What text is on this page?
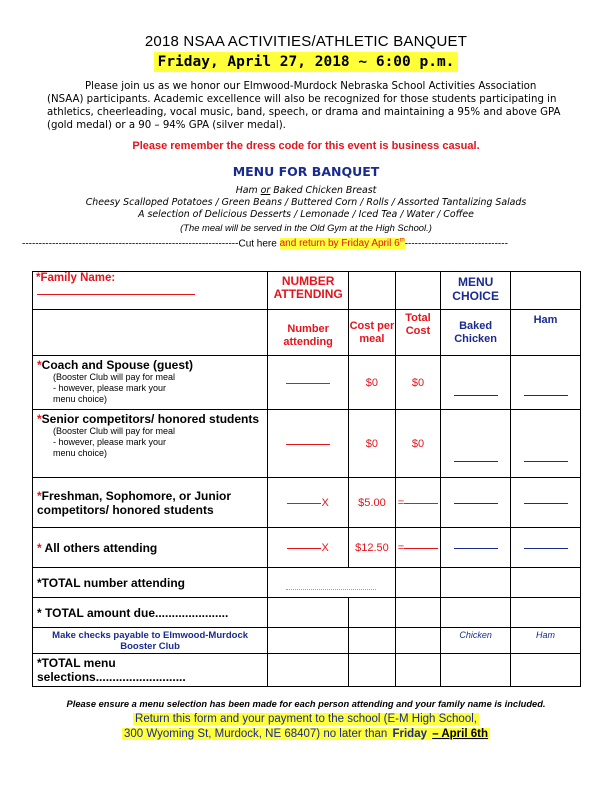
2018 NSAA ACTIVITIES/ATHLETIC BANQUET
Friday, April 27, 2018 ~ 6:00 p.m.

Please join us as we honor our Elmwood-Murdock Nebraska School Activities Association (NSAA) participants. Academic excellence will also be recognized for those students participating in athletics, cheerleading, vocal music, band, speech, or drama and maintaining a 95% and above GPA (gold medal) or a 90 – 94% GPA (silver medal).

Please remember the dress code for this event is business casual.
MENU FOR BANQUET
Ham or Baked Chicken Breast
Cheesy Scalloped Potatoes / Green Beans / Buttered Corn / Rolls / Assorted Tantalizing Salads
A selection of Delicious Desserts / Lemonade / Iced Tea / Water / Coffee
(The meal will be served in the Old Gym at the High School.)
-----------------------------------------------------------------Cut here and return by Friday April 6th-------------------------------
*Family Name:	NUMBER ATTENDING			MENU CHOICE	
	Number attending	Cost per meal	Total Cost	Baked Chicken	Ham
*Coach and Spouse (guest)
(Booster Club will pay for meal
- however, please mark your
menu choice)		$0	$0		
*Senior competitors/ honored students
(Booster Club will pay for meal
- however, please mark your
menu choice)		$0	$0		
*Freshman, Sophomore, or Junior competitors/ honored students	X	$5.00	=		
* All others attending	X	$12.50	=		
*TOTAL number attending					
* TOTAL amount due......................					
Make checks payable to Elmwood-Murdock Booster Club				Chicken	Ham
*TOTAL menu selections...........................					
Please ensure a menu selection has been made for each person attending and your family name is included.
Return this form and your payment to the school (E-M High School,
300 Wyoming St, Murdock, NE 68407) no later than Friday – April 6th
